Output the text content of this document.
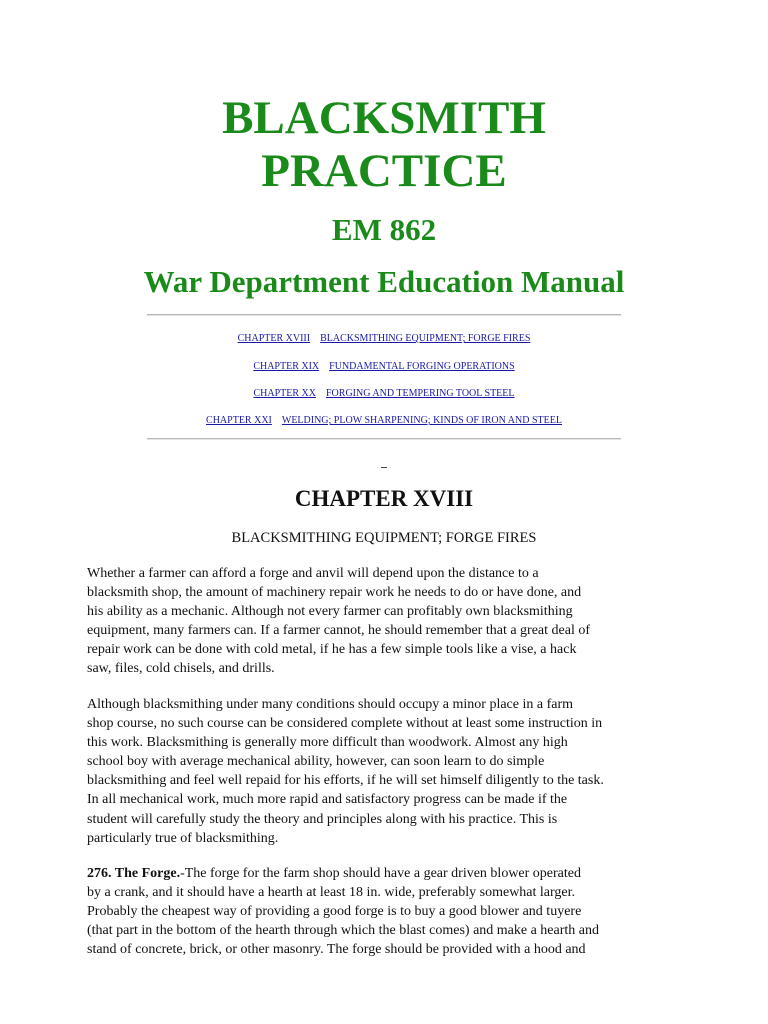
BLACKSMITH
PRACTICE
EM 862
War Department Education Manual
CHAPTER XVIII BLACKSMITHING EQUIPMENT; FORGE FIRES
CHAPTER XIX FUNDAMENTAL FORGING OPERATIONS
CHAPTER XX FORGING AND TEMPERING TOOL STEEL
CHAPTER XXI WELDING; PLOW SHARPENING; KINDS OF IRON AND STEEL
CHAPTER XVIII
BLACKSMITHING EQUIPMENT; FORGE FIRES

Whether a farmer can afford a forge and anvil will depend upon the distance to a
blacksmith shop, the amount of machinery repair work he needs to do or have done, and
his ability as a mechanic. Although not every farmer can profitably own blacksmithing
equipment, many farmers can. If a farmer cannot, he should remember that a great deal of
repair work can be done with cold metal, if he has a few simple tools like a vise, a hack
saw, files, cold chisels, and drills.

Although blacksmithing under many conditions should occupy a minor place in a farm
shop course, no such course can be considered complete without at least some instruction in
this work. Blacksmithing is generally more difficult than woodwork. Almost any high
school boy with average mechanical ability, however, can soon learn to do simple
blacksmithing and feel well repaid for his efforts, if he will set himself diligently to the task.
In all mechanical work, much more rapid and satisfactory progress can be made if the
student will carefully study the theory and principles along with his practice. This is
particularly true of blacksmithing.

276. The Forge.-The forge for the farm shop should have a gear driven blower operated
by a crank, and it should have a hearth at least 18 in. wide, preferably somewhat larger.
Probably the cheapest way of providing a good forge is to buy a good blower and tuyere
(that part in the bottom of the hearth through which the blast comes) and make a hearth and
stand of concrete, brick, or other masonry. The forge should be provided with a hood and
